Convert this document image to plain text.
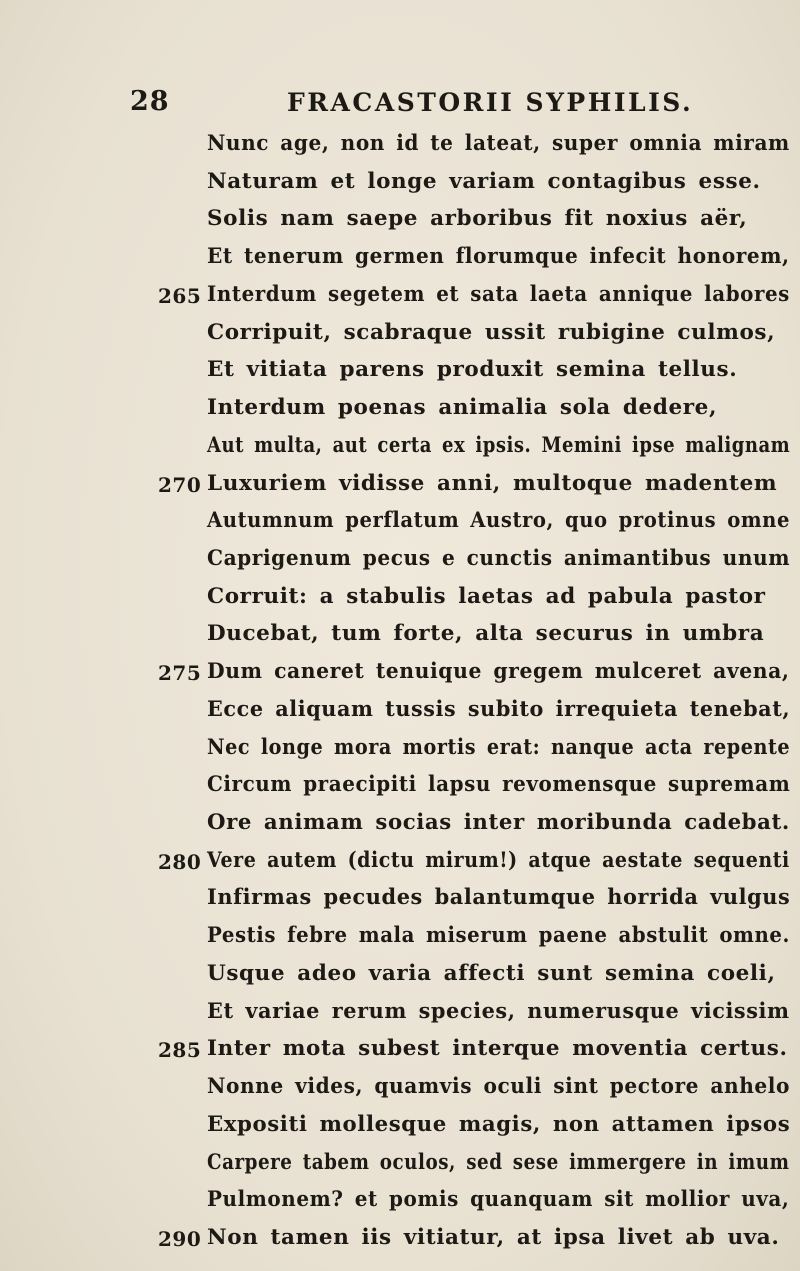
28	FRACASTORII SYPHILIS.
Nunc age, non id te lateat, super omnia miram
Naturam et longe variam contagibus esse.
Solis nam saepe arboribus fit noxius aër,
Et tenerum germen florumque infecit honorem,
265 Interdum segetem et sata laeta annique labores
Corripuit, scabraque ussit rubigine culmos,
Et vitiata parens produxit semina tellus.
Interdum poenas animalia sola dedere,
Aut multa, aut certa ex ipsis. Memini ipse malignam
270 Luxuriem vidisse anni, multoque madentem
Autumnum perflatum Austro, quo protinus omne
Caprigenum pecus e cunctis animantibus unum
Corruit: a stabulis laetas ad pabula pastor
Ducebat, tum forte, alta securus in umbra
275 Dum caneret tenuique gregem mulceret avena,
Ecce aliquam tussis subito irrequieta tenebat,
Nec longe mora mortis erat: nanque acta repente
Circum praecipiti lapsu revomensque supremam
Ore animam socias inter moribunda cadebat.
280 Vere autem (dictu mirum!) atque aestate sequenti
Infirmas pecudes balantumque horrida vulgus
Pestis febre mala miserum paene abstulit omne.
Usque adeo varia affecti sunt semina coeli,
Et variae rerum species, numerusque vicissim
285 Inter mota subest interque moventia certus.
Nonne vides, quamvis oculi sint pectore anhelo
Expositi mollesque magis, non attamen ipsos
Carpere tabem oculos, sed sese immergere in imum
Pulmonem? et pomis quanquam sit mollior uva,
290 Non tamen iis vitiatur, at ipsa livet ab uva.
